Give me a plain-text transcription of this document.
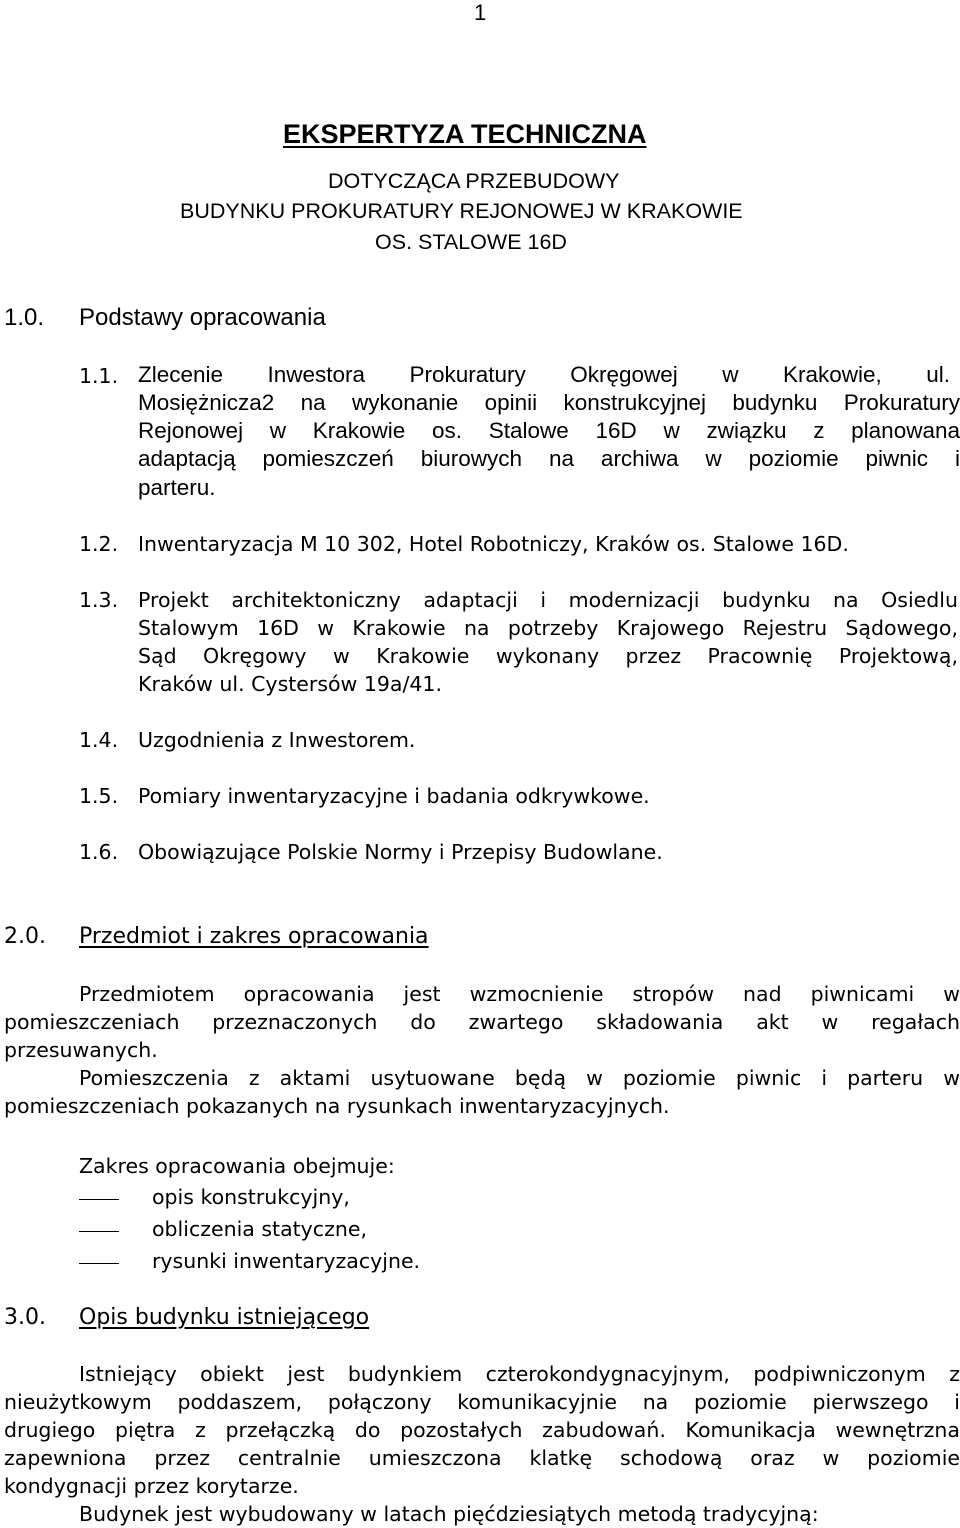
1
EKSPERTYZA TECHNICZNA
DOTYCZĄCA PRZEBUDOWY
BUDYNKU PROKURATURY REJONOWEJ W KRAKOWIE
OS. STALOWE 16D
1.0. Podstawy opracowania
1.1. Zlecenie Inwestora Prokuratury Okręgowej w Krakowie, ul.
Mosiężnicza2 na wykonanie opinii konstrukcyjnej budynku Prokuratury
Rejonowej w Krakowie os. Stalowe 16D w związku z planowana
adaptacją pomieszczeń biurowych na archiwa w poziomie piwnic i
parteru.
1.2. Inwentaryzacja M 10 302, Hotel Robotniczy, Kraków os. Stalowe 16D.
1.3. Projekt architektoniczny adaptacji i modernizacji budynku na Osiedlu
Stalowym 16D w Krakowie na potrzeby Krajowego Rejestru Sądowego,
Sąd Okręgowy w Krakowie wykonany przez Pracownię Projektową,
Kraków ul. Cystersów 19a/41.
1.4. Uzgodnienia z Inwestorem.
1.5. Pomiary inwentaryzacyjne i badania odkrywkowe.
1.6. Obowiązujące Polskie Normy i Przepisy Budowlane.
2.0. Przedmiot i zakres opracowania
Przedmiotem opracowania jest wzmocnienie stropów nad piwnicami w
pomieszczeniach przeznaczonych do zwartego składowania akt w regałach
przesuwanych.
Pomieszczenia z aktami usytuowane będą w poziomie piwnic i parteru w
pomieszczeniach pokazanych na rysunkach inwentaryzacyjnych.
Zakres opracowania obejmuje:
opis konstrukcyjny,
obliczenia statyczne,
rysunki inwentaryzacyjne.
3.0. Opis budynku istniejącego
Istniejący obiekt jest budynkiem czterokondygnacyjnym, podpiwniczonym z
nieużytkowym poddaszem, połączony komunikacyjnie na poziomie pierwszego i
drugiego piętra z przełączką do pozostałych zabudowań. Komunikacja wewnętrzna
zapewniona przez centralnie umieszczona klatkę schodową oraz w poziomie
kondygnacji przez korytarze.
Budynek jest wybudowany w latach pięćdziesiątych metodą tradycyjną:
